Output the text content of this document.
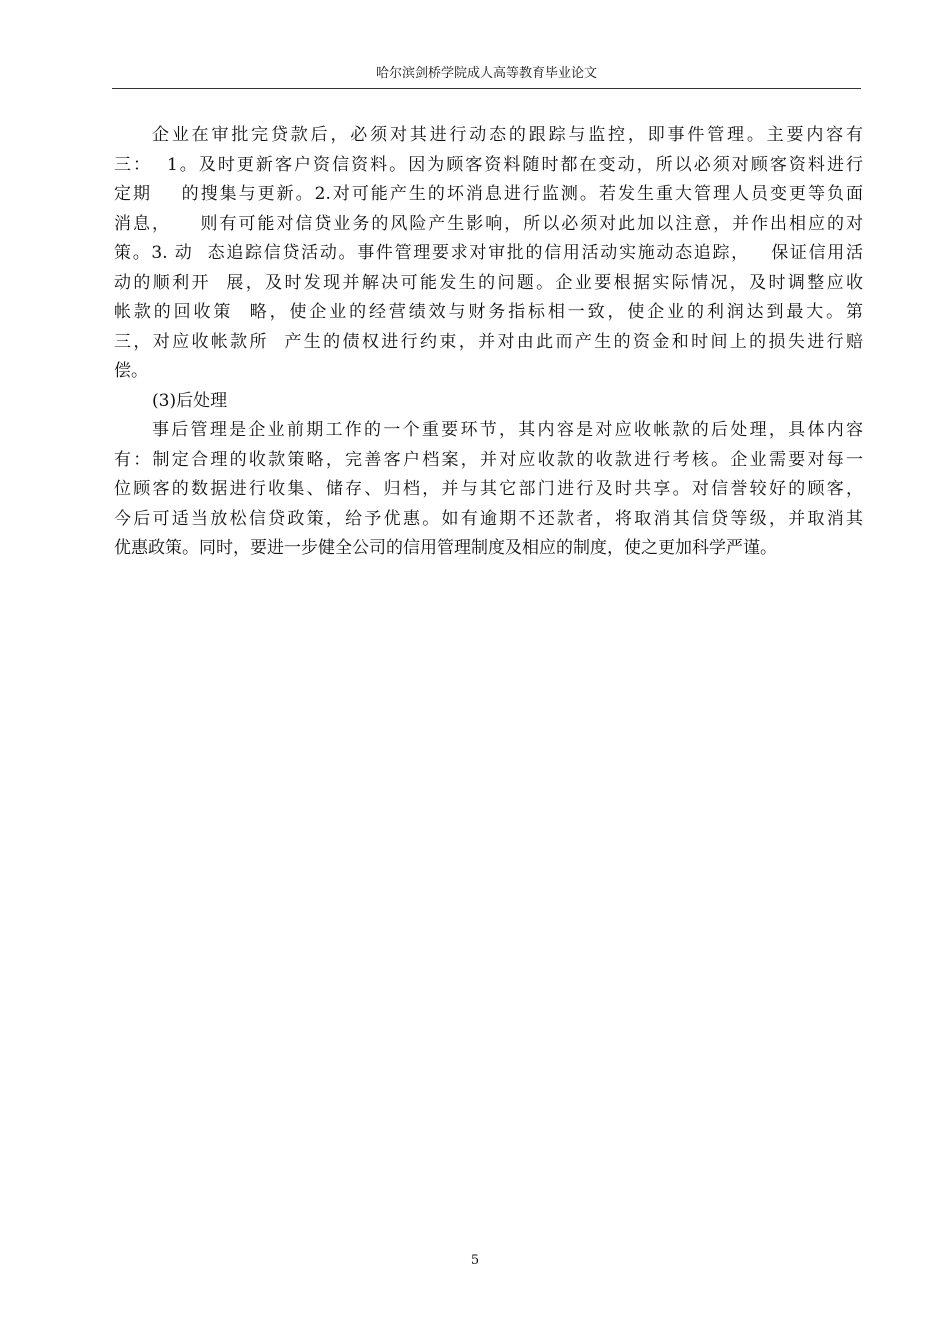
哈尔滨剑桥学院成人高等教育毕业论文

企业在审批完贷款后，必须对其进行动态的跟踪与监控，即事件管理。主要内容有
三：  1。及时更新客户资信资料。因为顾客资料随时都在变动，所以必须对顾客资料进行
定期    的搜集与更新。2.对可能产生的坏消息进行监测。若发生重大管理人员变更等负面
消息，    则有可能对信贷业务的风险产生影响，所以必须对此加以注意，并作出相应的对
策。3. 动  态追踪信贷活动。事件管理要求对审批的信用活动实施动态追踪，   保证信用活
动的顺利开  展，及时发现并解决可能发生的问题。企业要根据实际情况，及时调整应收
帐款的回收策  略，使企业的经营绩效与财务指标相一致，使企业的利润达到最大。第
三，对应收帐款所  产生的债权进行约束，并对由此而产生的资金和时间上的损失进行赔
偿。

(3)后处理

事后管理是企业前期工作的一个重要环节，其内容是对应收帐款的后处理，具体内容
有：制定合理的收款策略，完善客户档案，并对应收款的收款进行考核。企业需要对每一
位顾客的数据进行收集、储存、归档，并与其它部门进行及时共享。对信誉较好的顾客，
今后可适当放松信贷政策，给予优惠。如有逾期不还款者，将取消其信贷等级，并取消其
优惠政策。同时，要进一步健全公司的信用管理制度及相应的制度，使之更加科学严谨。

5
